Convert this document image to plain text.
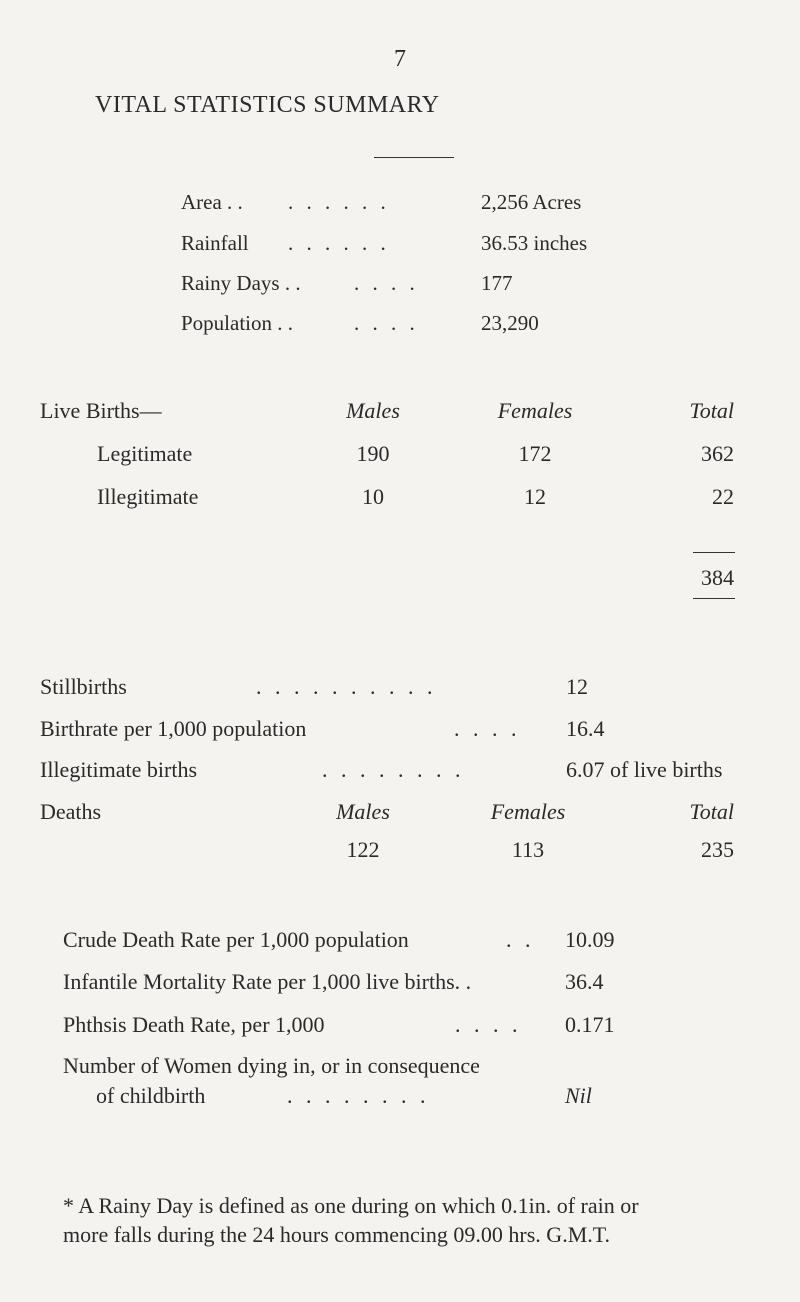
7
VITAL STATISTICS SUMMARY
Area . . . . . . . .	2,256 Acres
Rainfall . . . . . .	36.53 inches
Rainy Days . .	. . . .	177
Population . .	. . . .	23,290
Live Births—	Males	Females	Total
Legitimate	190	172	362
Illegitimate	10	12	22
384
Stillbirths	. . . . . . . . . .	12
Birthrate per 1,000 population	. . . . 16.4
Illegitimate births	. . . . . . . .	6.07 of live births
Deaths	Males	Females	Total
122	113	235
Crude Death Rate per 1,000 population	. . 10.09
Infantile Mortality Rate per 1,000 live births. .	36.4
Phthsis Death Rate, per 1,000	. . . . 0.171
Number of Women dying in, or in consequence
of childbirth	. . . . . . . .	Nil
* A Rainy Day is defined as one during on which 0.1in. of rain or
more falls during the 24 hours commencing 09.00 hrs. G.M.T.
